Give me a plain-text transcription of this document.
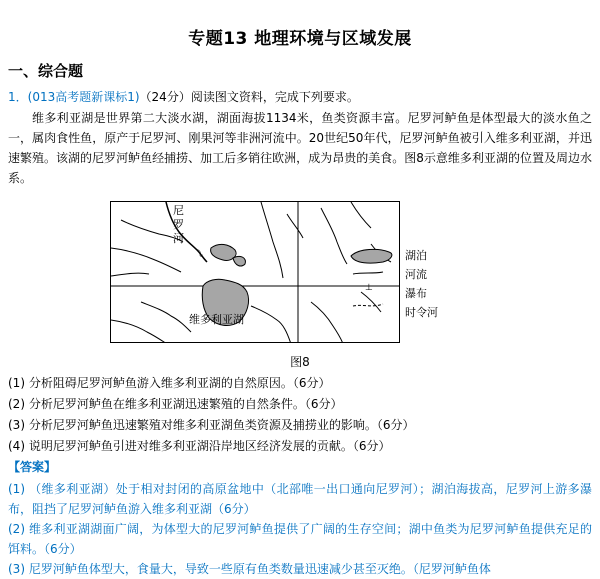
专题13 地理环境与区域发展
一、综合题
1．(013高考题新课标1)（24分）阅读图文资料，完成下列要求。
维多利亚湖是世界第二大淡水湖，湖面海拔1134米，鱼类资源丰富。尼罗河鲈鱼是体型最大的淡水鱼之一，属肉食性鱼，原产于尼罗河、刚果河等非洲河流中。20世纪50年代，尼罗河鲈鱼被引入维多利亚湖，并迅速繁殖。该湖的尼罗河鲈鱼经捕捞、加工后多销往欧洲，成为昂贵的美食。图8示意维多利亚湖的位置及周边水系。
⤵
尼罗河
维多利亚湖
⊥
湖泊
河流
瀑布
时令河
图8
(1) 分析阻碍尼罗河鲈鱼游入维多利亚湖的自然原因。（6分）
(2) 分析尼罗河鲈鱼在维多利亚湖迅速繁殖的自然条件。（6分）
(3) 分析尼罗河鲈鱼迅速繁殖对维多利亚湖鱼类资源及捕捞业的影响。（6分）
(4) 说明尼罗河鲈鱼引进对维多利亚湖沿岸地区经济发展的贡献。（6分）
【答案】
(1) （维多利亚湖）处于相对封闭的高原盆地中（北部唯一出口通向尼罗河）；湖泊海拔高，尼罗河上游多瀑布，阻挡了尼罗河鲈鱼游入维多利亚湖（6分）
(2) 维多利亚湖湖面广阔，为体型大的尼罗河鲈鱼提供了广阔的生存空间；湖中鱼类为尼罗河鲈鱼提供充足的饵料。（6分）
(3) 尼罗河鲈鱼体型大，食量大，导致一些原有鱼类数量迅速减少甚至灭绝。（尼罗河鲈鱼体
